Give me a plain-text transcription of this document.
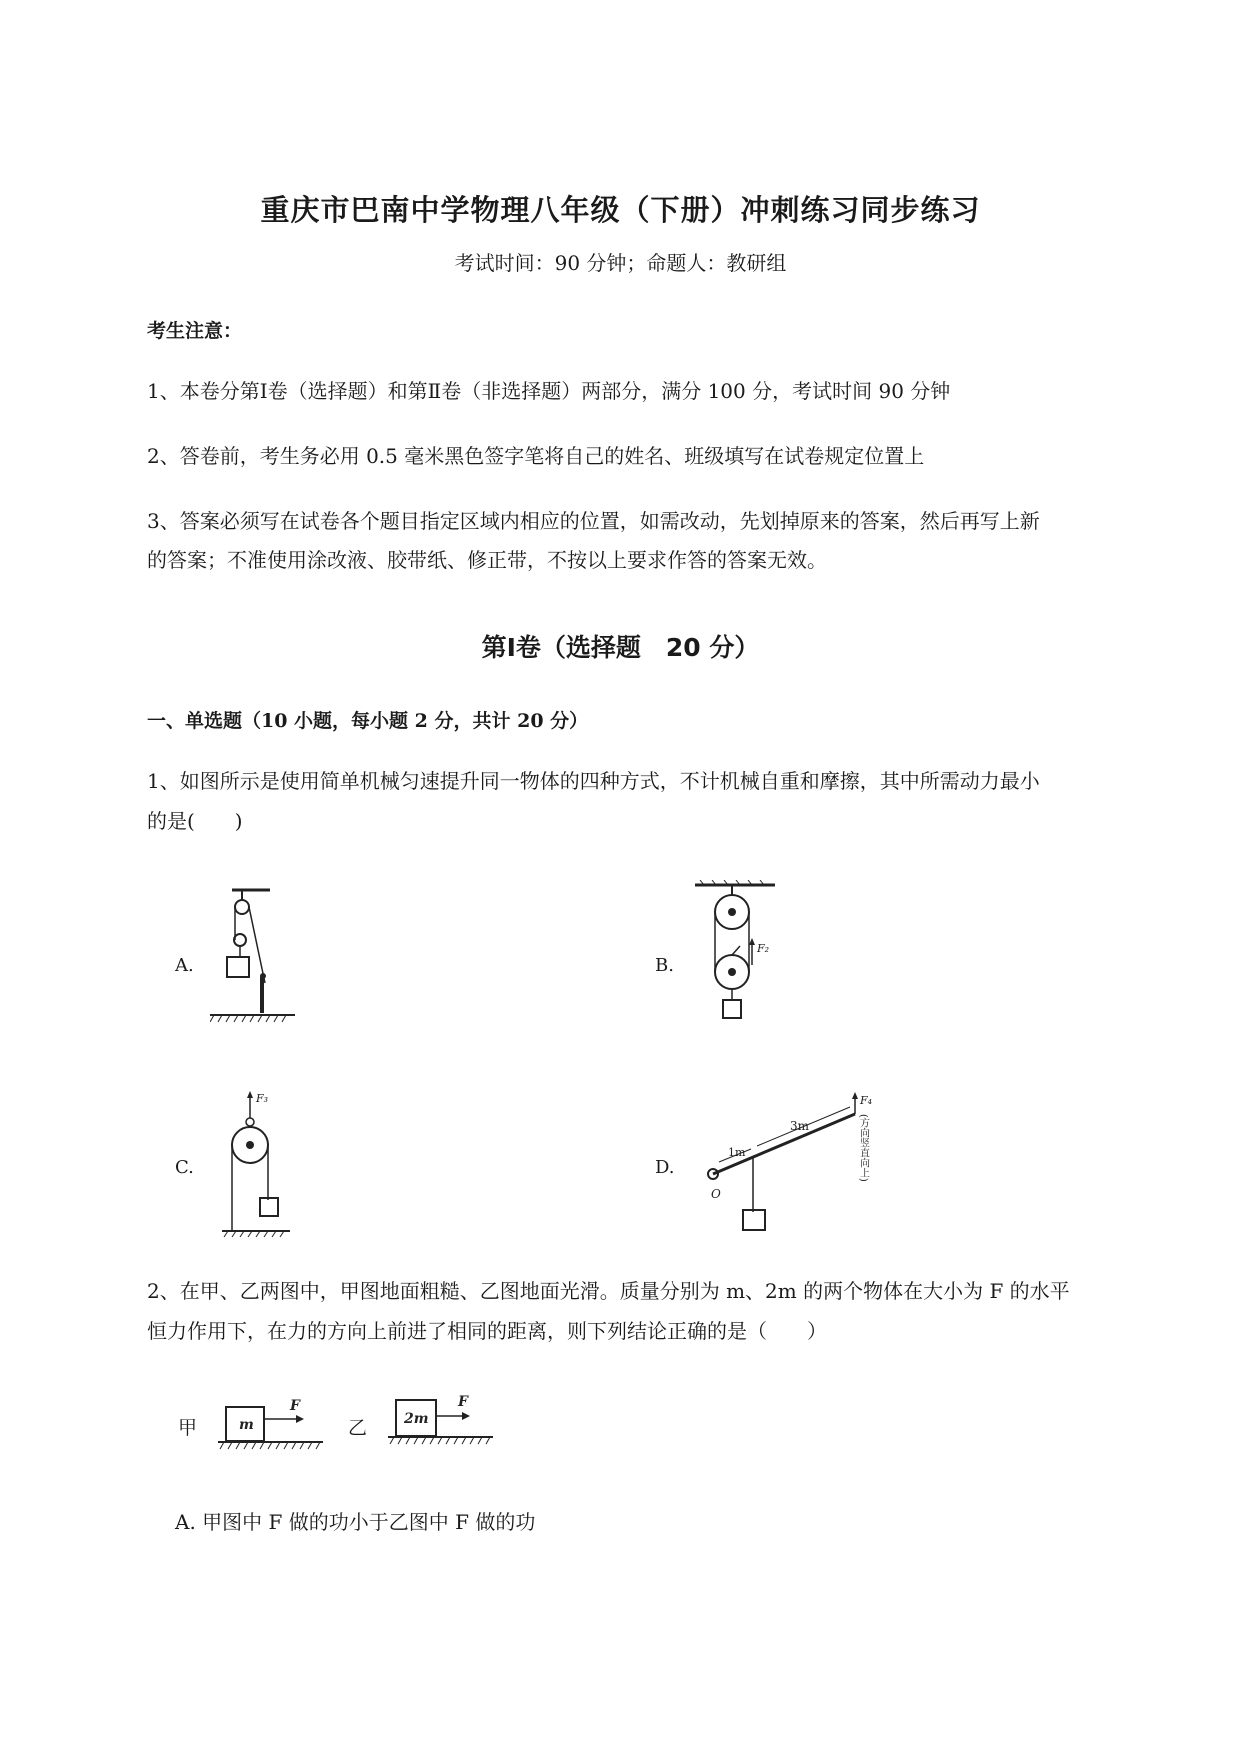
重庆市巴南中学物理八年级（下册）冲刺练习同步练习
考试时间：90 分钟；命题人：教研组
考生注意：
1、本卷分第Ⅰ卷（选择题）和第Ⅱ卷（非选择题）两部分，满分 100 分，考试时间 90 分钟
2、答卷前，考生务必用 0.5 毫米黑色签字笔将自己的姓名、班级填写在试卷规定位置上
3、答案必须写在试卷各个题目指定区域内相应的位置，如需改动，先划掉原来的答案，然后再写上新
的答案；不准使用涂改液、胶带纸、修正带，不按以上要求作答的答案无效。
第Ⅰ卷（选择题　20 分）
一、单选题（10 小题，每小题 2 分，共计 20 分）
1、如图所示是使用简单机械匀速提升同一物体的四种方式，不计机械自重和摩擦，其中所需动力最小
的是(　　)
A.	B.
C.	D.
F₂
F₃
O
1m
3m
F₄
(方向竖直向上)
2、在甲、乙两图中，甲图地面粗糙、乙图地面光滑。质量分别为 m、2m 的两个物体在大小为 F 的水平
恒力作用下，在力的方向上前进了相同的距离，则下列结论正确的是（　　）
甲	m
F
乙	2m
F
A. 甲图中 F 做的功小于乙图中 F 做的功
